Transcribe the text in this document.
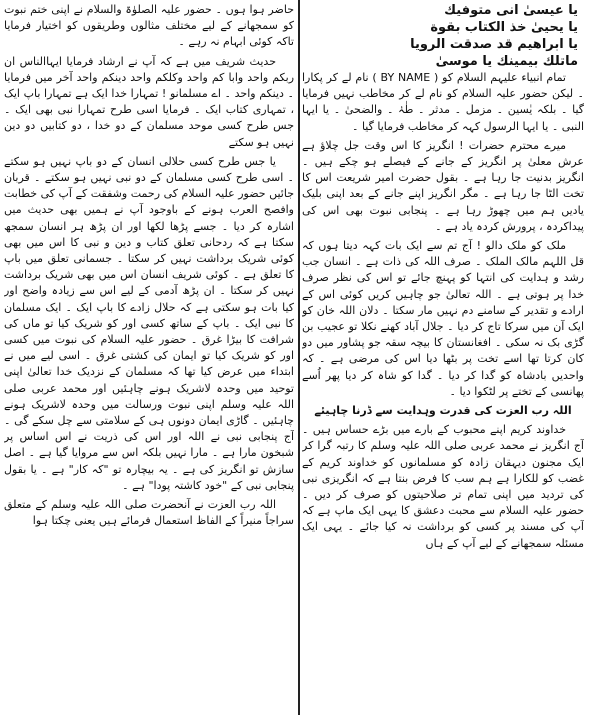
يا عيسىٰ انی متوفيك
يا يحيیٰ خذ الكتاب بقوة
يا ابراهيم قد صدقت الرويا
ماتلك بيمينك يا موسىٰ

تمام انبیاء علیہم السلام کو ( BY NAME ) نام لے کر پکارا ۔ لیکن حضور علیہ السلام کو نام لے کر مخاطب نہیں فرمایا گیا ۔ بلکہ یٰسین ۔ مزمل ۔ مدثر ۔ طٰہٰ ۔ والضحیٰ ۔ یا ایہا النبی ۔ یا ایہا الرسول کہہ کر مخاطب فرمایا گیا ۔

میرے محترم حضرات ! انگریز کا اس وقت جل چلاؤ ہے عرش معلیٰ پر انگریز کے جانے کے فیصلے ہو چکے ہیں ۔ انگریز بدنیت جا رہا ہے ۔ بقول حضرت امیر شریعت اس کا تخت الٹا جا رہا ہے ۔ مگر انگریز اپنے جانے کے بعد اپنی بلیک یادیں ہم میں چھوڑ رہا ہے ۔ پنجابی نبوت بھی اس کی پیداکردہ ، پرورش کردہ یاد ہے ۔

ملک کو ملک دالو ! آج تم سے ایک بات کہہ دیتا ہوں کہ قل اللہم مالک الملک ۔ صرف اللہ کی ذات ہے ۔ انسان جب رشد و ہدایت کی انتہا کو پہنچ جائے تو اس کی نظر صرف خدا پر ہوتی ہے ۔ اللہ تعالیٰ جو چاہیں کریں کوئی اس کے ارادے و تقدیر کے سامنے دم نہیں مار سکتا ۔ دلان اللہ خان کو ایک آن میں سرکا تاج کر دیا ۔ جلال آباد کھنے نکلا تو عجیب بن گڑی بک نہ سکی ۔ افغانستان کا بیچہ سقہ جو پشاور میں دو کان کرتا تھا اسے تخت پر بٹھا دیا اس کی مرضی ہے ۔ کہ واحدیں بادشاہ کو گدا کر دیا ۔ گدا کو شاہ کر دیا پھر اُسے پھانسی کے تختے پر لٹکوا دیا ۔

اللہ رب العزت کی قدرت وہدایت سے ڈرنا چاہیئے

خداوند کریم اپنے محبوب کے بارے میں بڑے حساس ہیں ۔ آج انگریز نے محمد عربی صلی اللہ علیہ وسلم کا رتبہ گرا کر ایک مجنون دیہقان زادہ کو مسلمانوں کو خداوند کریم کے غضب کو للکارا ہے ہم سب کا فرض بنتا ہے کہ انگریزی نبی کی تردید میں اپنی تمام تر صلاحیتوں کو صرف کر دیں ۔ حضور علیہ السلام سے محبت دعشق کا یہی ایک ماپ ہے کہ آپ کی مسند پر کسی کو برداشت نہ کیا جائے ۔ یہی ایک مسئلہ سمجھانے کے لیے آپ کے ہاں

حاضر ہوا ہوں ۔ حضور علیہ الصلوٰۃ والسلام نے اپنی ختم نبوت کو سمجھانے کے لیے مختلف مثالوں وطریقوں کو اختیار فرمایا تاکہ کوئی ابہام نہ رہے ۔

حدیث شریف میں ہے کہ آپ نے ارشاد فرمایا ایہاالناس ان ربکم واحد وابا کم واحد وکلکم واحد دینکم واحد آخر میں فرمایا ۔ دینکم واحد ۔ اے مسلمانو ! تمہارا خدا ایک ہے تمہارا باپ ایک ، تمہاری کتاب ایک ۔ فرمایا اسی طرح تمہارا نبی بھی ایک ۔ جس طرح کسی موحد مسلمان کے دو خدا ، دو کتابیں دو دین نہیں ہو سکتے

یا جس طرح کسی حلالی انسان کے دو باپ نہیں ہو سکتے ۔ اسی طرح کسی مسلمان کے دو نبی نہیں ہو سکتے ۔ قربان جائیں حضور علیہ السلام کی رحمت وشفقت کے آپ کی خطابت وافصح العرب ہونے کے باوجود آپ نے ہمیں بھی حدیث میں اشارہ کر دیا ۔ جسے پڑھا لکھا اور ان پڑھ ہر انسان سمجھ سکتا ہے کہ ردحانی تعلق کتاب و دین و نبی کا اس میں بھی کوئی شریک برداشت نہیں کر سکتا ۔ جسمانی تعلق میں باپ کا تعلق ہے ۔ کوئی شریف انسان اس میں بھی شریک برداشت نہیں کر سکتا ۔ ان پڑھ آدمی کے لیے اس سے زیادہ واضح اور کیا بات ہو سکتی ہے کہ حلال زادے کا باپ ایک ۔ ایک مسلمان کا نبی ایک ۔ باپ کے ساتھ کسی اور کو شریک کیا تو ماں کی شرافت کا بیڑا غرق ۔ حضور علیہ السلام کی نبوت میں کسی اور کو شریک کیا تو ایمان کی کشتی غرق ۔ اسی لیے میں نے ابتداء میں عرض کیا تھا کہ مسلمان کے نزدیک خدا تعالیٰ اپنی توحید میں وحدہ لاشریک ہونے چاہئیں اور محمد عربی صلی اللہ علیہ وسلم اپنی نبوت ورسالت میں وحدہ لاشریک ہونے چاہئیں ۔ گاڑی ایمان دونوں ہی کے سلامتی سے چل سکے گی ۔ آج پنجابی نبی نے اللہ اور اس کی ذریت نے اس اساس پر شبخون مارا ہے ۔ مارا نہیں بلکہ اس سے مروایا گیا ہے ۔ اصل سازش تو انگریز کی ہے ۔ یہ بیچارہ تو "کہ کار" ہے ۔ یا بقول پنجابی نبی کے "خود کاشتہ پودا" ہے ۔

اللہ رب العزت نے آنحضرت صلی اللہ علیہ وسلم کے متعلق سراجاً منیراً کے الفاظ استعمال فرمائے ہیں یعنی چکتا ہوا
